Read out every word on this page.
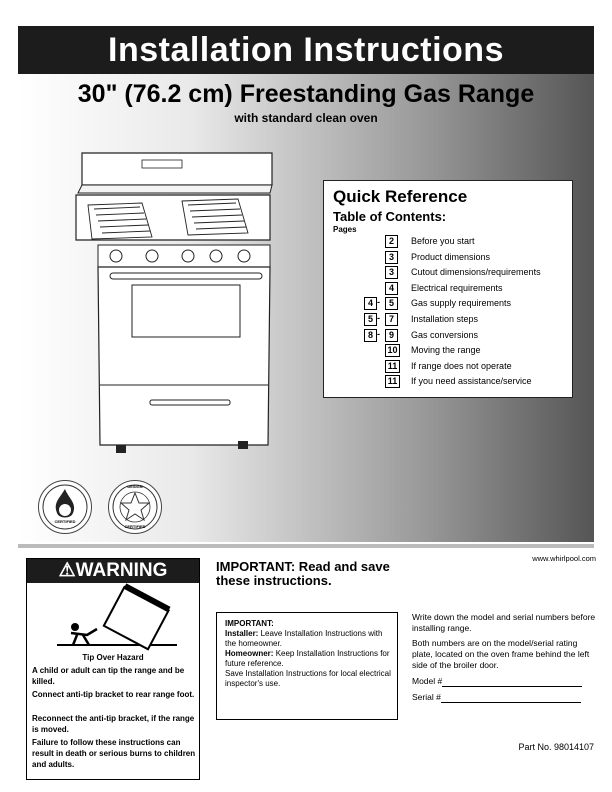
Installation Instructions
30" (76.2 cm) Freestanding Gas Range
with standard clean oven
Quick Reference
Table of Contents:
Pages
2	Before you start
3	Product dimensions
3	Cutout dimensions/requirements
4	Electrical requirements
4 - 5	Gas supply requirements
5 - 7	Installation steps
8 - 9	Gas conversions
10 Moving the range
11	If range does not operate
11	If you need assistance/service
CERTIFIED
DESIGN
CERTIFIED
⚠WARNING
Tip Over Hazard
A child or adult can tip the range and be killed.
Connect anti-tip bracket to rear range foot.
Reconnect the anti-tip bracket, if the range is moved.
Failure to follow these instructions can result in death or serious burns to children and adults.
IMPORTANT: Read and save these instructions.
IMPORTANT:
Installer: Leave Installation Instructions with the homeowner.
Homeowner: Keep Installation Instructions for future reference.
Save Installation Instructions for local electrical inspector's use.
www.whirlpool.com
Write down the model and serial numbers before installing range.
Both numbers are on the model/serial rating plate, located on the oven frame behind the left side of the broiler door.
Model #
Serial #
Part No. 98014107
